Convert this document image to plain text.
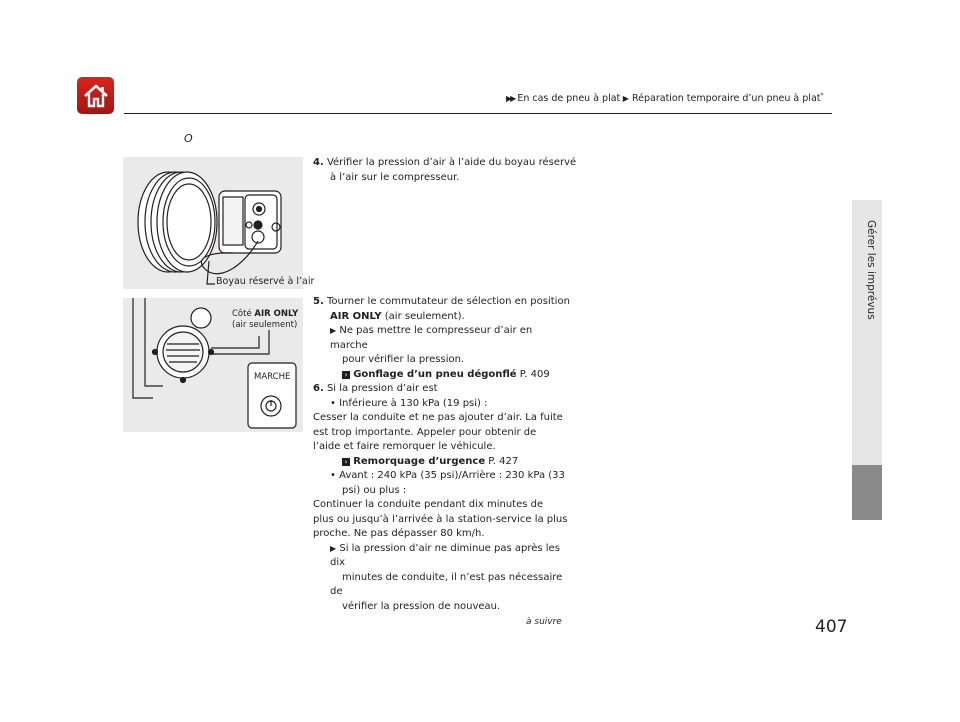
▶▶ En cas de pneu à plat ▶ Réparation temporaire d’un pneu à plat*
Gérer les imprévus
Boyau réservé à l’air
O
Côté AIR ONLY
(air seulement)
MARCHE
4. Vérifier la pression d’air à l’aide du boyau réservé
à l’air sur le compresseur.
5. Tourner le commutateur de sélection en position
AIR ONLY (air seulement).
▶ Ne pas mettre le compresseur d’air en marche
pour vérifier la pression.
› Gonflage d’un pneu dégonflé P. 409
6. Si la pression d’air est
• Inférieure à 130 kPa (19 psi) :
Cesser la conduite et ne pas ajouter d’air. La fuite
est trop importante. Appeler pour obtenir de
l’aide et faire remorquer le véhicule.
› Remorquage d’urgence P. 427
• Avant : 240 kPa (35 psi)/Arrière : 230 kPa (33
psi) ou plus :
Continuer la conduite pendant dix minutes de
plus ou jusqu’à l’arrivée à la station-service la plus
proche. Ne pas dépasser 80 km/h.
▶ Si la pression d’air ne diminue pas après les dix
minutes de conduite, il n’est pas nécessaire de
vérifier la pression de nouveau.
à suivre	407
